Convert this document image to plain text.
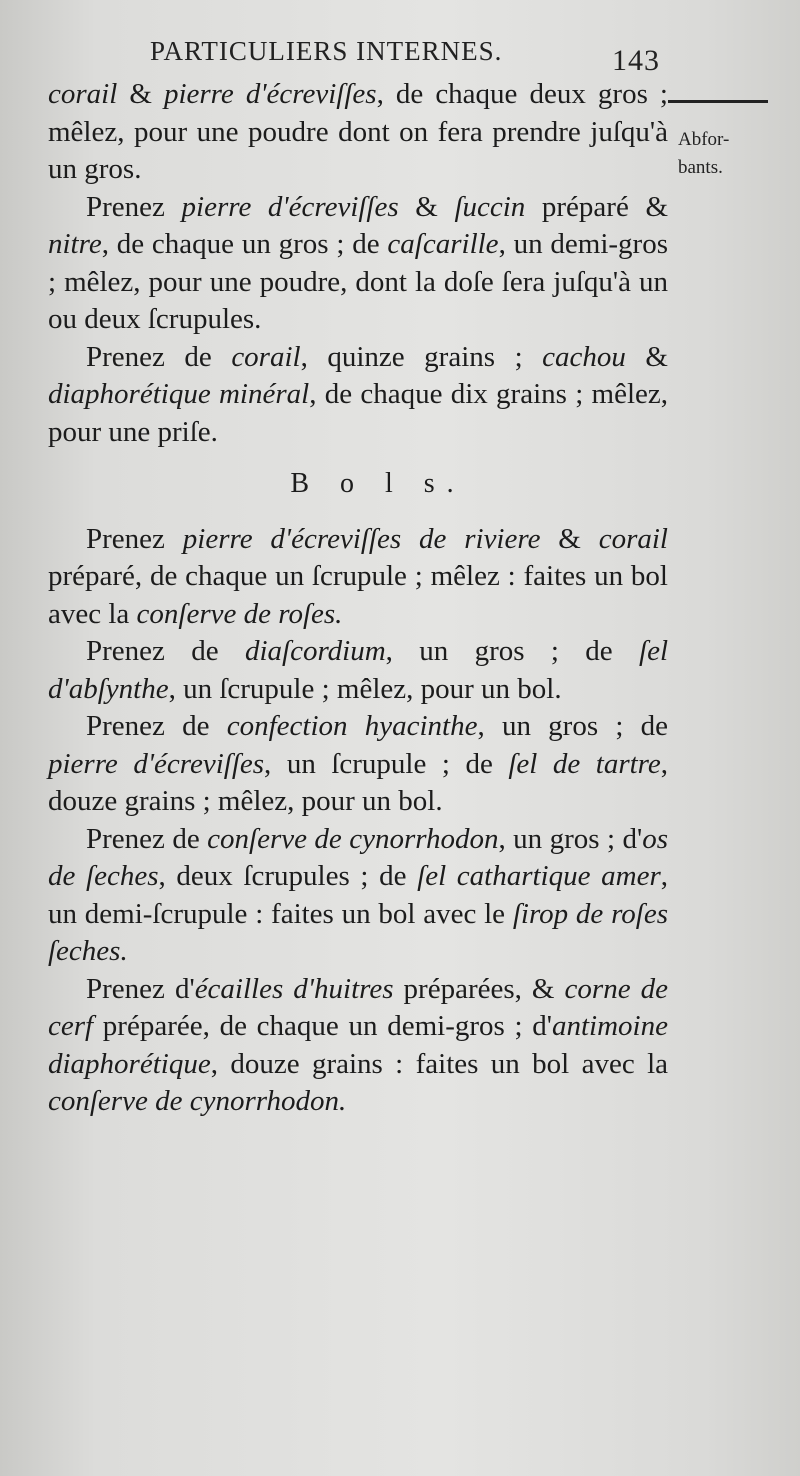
PARTICULIERS INTERNES.	143
Abfor-
bants.

corail & pierre d'écreviſſes, de chaque deux gros ; mêlez, pour une poudre dont on fera prendre juſqu'à un gros.

Prenez pierre d'écreviſſes & ſuccin préparé & nitre, de chaque un gros ; de caſcarille, un demi-gros ; mêlez, pour une poudre, dont la doſe ſera juſqu'à un ou deux ſcrupules.

Prenez de corail, quinze grains ; cachou & diaphorétique minéral, de chaque dix grains ; mêlez, pour une priſe.

B o l s.

Prenez pierre d'écreviſſes de riviere & corail préparé, de chaque un ſcrupule ; mêlez : faites un bol avec la conſerve de roſes.

Prenez de diaſcordium, un gros ; de ſel d'abſynthe, un ſcrupule ; mêlez, pour un bol.

Prenez de confection hyacinthe, un gros ; de pierre d'écreviſſes, un ſcrupule ; de ſel de tartre, douze grains ; mêlez, pour un bol.

Prenez de conſerve de cynorrhodon, un gros ; d'os de ſeches, deux ſcrupules ; de ſel cathartique amer, un demi-ſcrupule : faites un bol avec le ſirop de roſes ſeches.

Prenez d'écailles d'huitres préparées, & corne de cerf préparée, de chaque un demi-gros ; d'antimoine diaphorétique, douze grains : faites un bol avec la conſerve de cynorrhodon.
